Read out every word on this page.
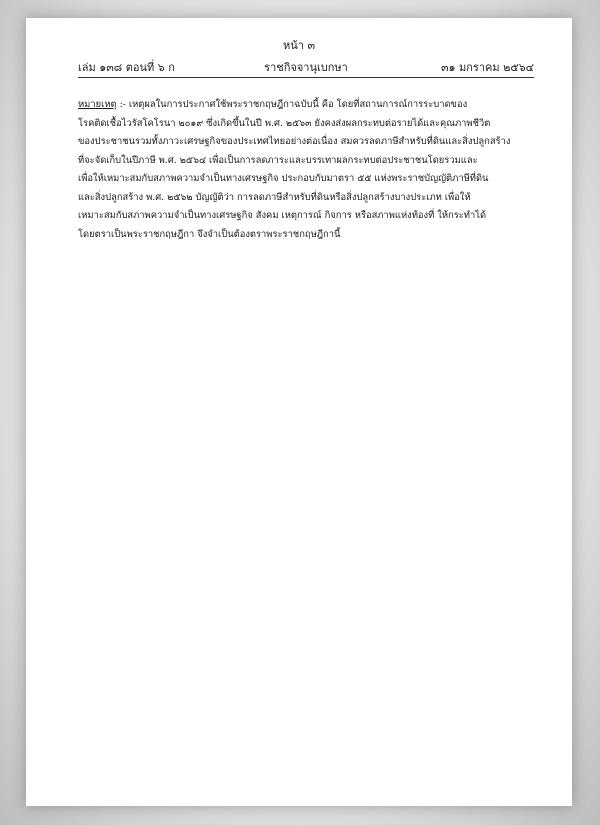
หน้า ๓
เล่ม ๑๓๘ ตอนที่ ๖ ก	ราชกิจจานุเบกษา	๓๑ มกราคม ๒๕๖๔
หมายเหตุ :- เหตุผลในการประกาศใช้พระราชกฤษฎีกาฉบับนี้ คือ โดยที่สถานการณ์การระบาดของ
โรคติดเชื้อไวรัสโคโรนา ๒๐๑๙ ซึ่งเกิดขึ้นในปี พ.ศ. ๒๕๖๓ ยังคงส่งผลกระทบต่อรายได้และคุณภาพชีวิต
ของประชาชนรวมทั้งภาวะเศรษฐกิจของประเทศไทยอย่างต่อเนื่อง สมควรลดภาษีสำหรับที่ดินและสิ่งปลูกสร้าง
ที่จะจัดเก็บในปีภาษี พ.ศ. ๒๕๖๔ เพื่อเป็นการลดภาระและบรรเทาผลกระทบต่อประชาชนโดยรวมและ
เพื่อให้เหมาะสมกับสภาพความจำเป็นทางเศรษฐกิจ ประกอบกับมาตรา ๕๕ แห่งพระราชบัญญัติภาษีที่ดิน
และสิ่งปลูกสร้าง พ.ศ. ๒๕๖๒ บัญญัติว่า การลดภาษีสำหรับที่ดินหรือสิ่งปลูกสร้างบางประเภท เพื่อให้
เหมาะสมกับสภาพความจำเป็นทางเศรษฐกิจ สังคม เหตุการณ์ กิจการ หรือสภาพแห่งท้องที่ ให้กระทำได้
โดยตราเป็นพระราชกฤษฎีกา จึงจำเป็นต้องตราพระราชกฤษฎีกานี้
